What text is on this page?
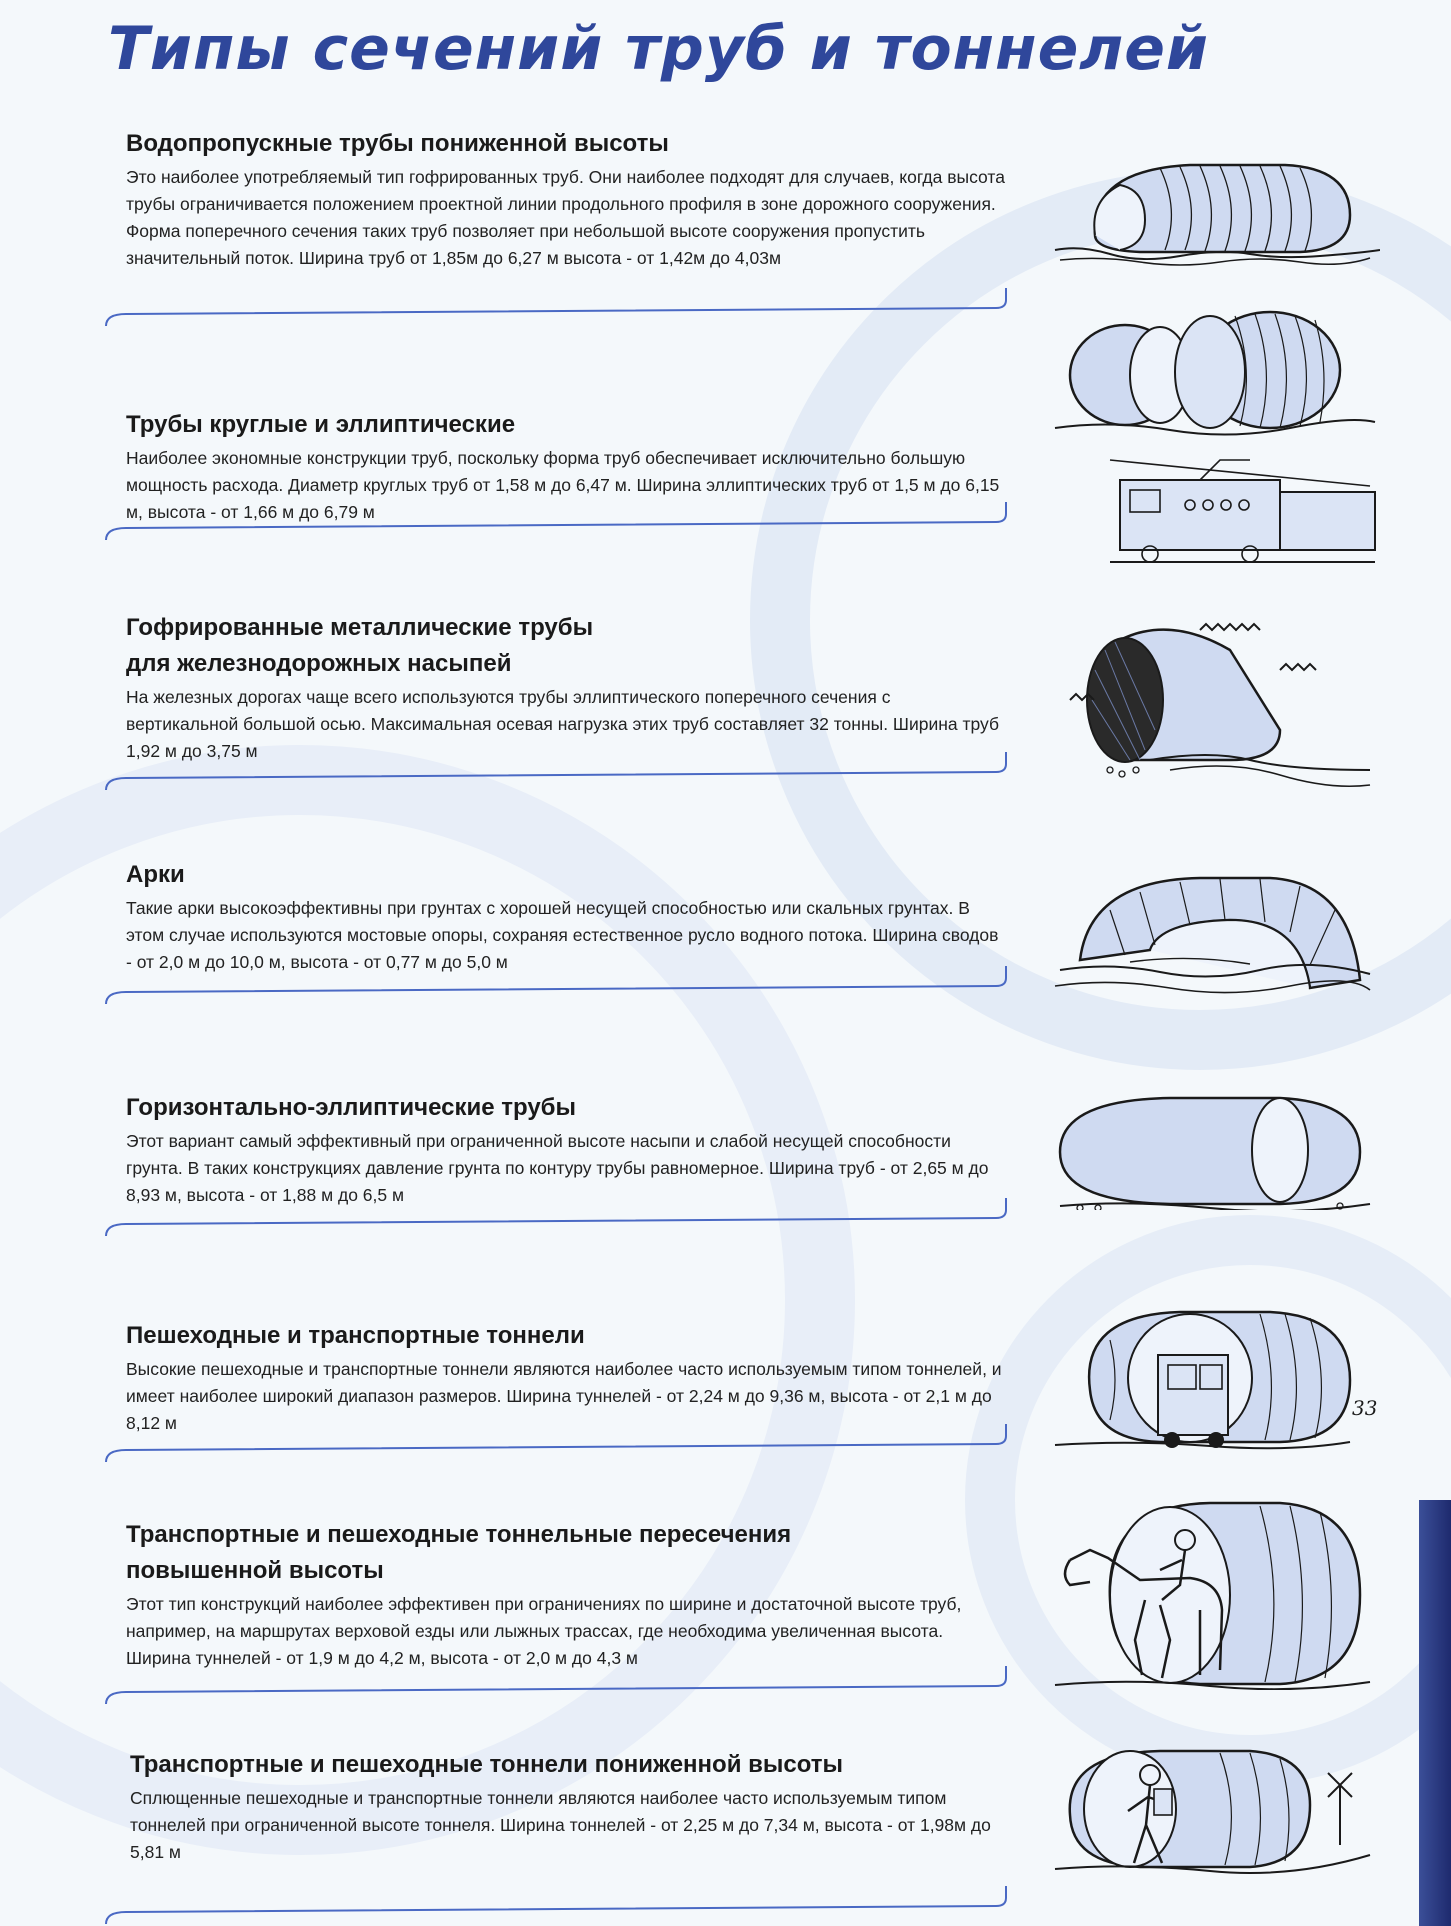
Типы сечений труб и тоннелей
Водопропускные трубы пониженной высоты

Это наиболее употребляемый тип гофрированных труб. Они наиболее подходят для случаев, когда высота трубы ограничивается положением проектной линии продольного профиля в зоне дорожного сооружения. Форма поперечного сечения таких труб позволяет при небольшой высоте сооружения пропустить значительный поток. Ширина труб от 1,85м до 6,27 м высота - от 1,42м до 4,03м

Трубы круглые и эллиптические

Наиболее экономные конструкции труб, поскольку форма труб обеспечивает исключительно большую мощность расхода. Диаметр круглых труб от 1,58 м до 6,47 м. Ширина эллиптических труб от 1,5 м до 6,15 м, высота - от 1,66 м до 6,79 м

Гофрированные металлические трубы
для железнодорожных насыпей

На железных дорогах чаще всего используются трубы эллиптического поперечного сечения с вертикальной большой осью. Максимальная осевая нагрузка этих труб составляет 32 тонны. Ширина труб 1,92 м до 3,75 м

Арки

Такие арки высокоэффективны при грунтах с хорошей несущей способностью или скальных грунтах. В этом случае используются мостовые опоры, сохраняя естественное русло водного потока. Ширина сводов - от 2,0 м до 10,0 м, высота - от 0,77 м до 5,0 м

Горизонтально-эллиптические трубы

Этот вариант самый эффективный при ограниченной высоте насыпи и слабой несущей способности грунта. В таких конструкциях давление грунта по контуру трубы равномерное. Ширина труб - от 2,65 м до 8,93 м, высота - от 1,88 м до 6,5 м

Пешеходные и транспортные тоннели

Высокие пешеходные и транспортные тоннели являются наиболее часто используемым типом тоннелей, и имеет наиболее широкий диапазон размеров. Ширина туннелей - от 2,24 м до 9,36 м, высота - от 2,1 м до 8,12 м

33
Транспортные и пешеходные тоннельные пересечения
повышенной высоты

Этот тип конструкций наиболее эффективен при ограничениях по ширине и достаточной высоте труб, например, на маршрутах верховой езды или лыжных трассах, где необходима увеличенная высота. Ширина туннелей - от 1,9 м до 4,2 м, высота - от 2,0 м до 4,3 м

Транспортные и пешеходные тоннели пониженной высоты

Сплющенные пешеходные и транспортные тоннели являются наиболее часто используемым типом тоннелей при ограниченной высоте тоннеля. Ширина тоннелей - от 2,25 м до 7,34 м, высота - от 1,98м до 5,81 м
